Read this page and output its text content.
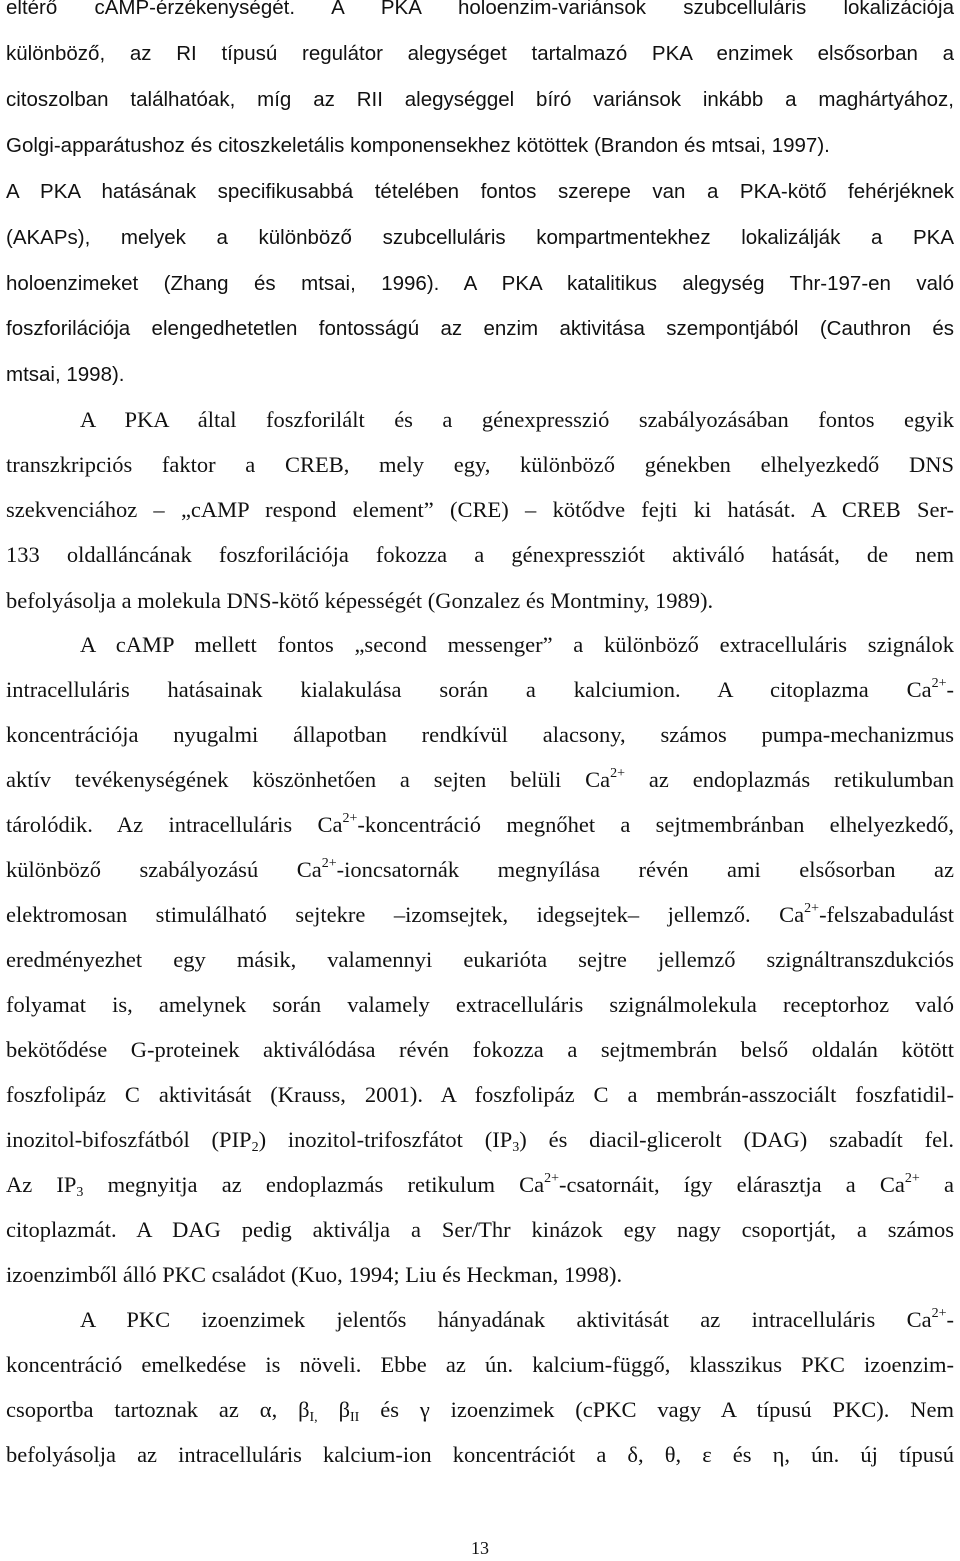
eltérő cAMP-érzékenységét. A PKA holoenzim-variánsok szubcelluláris lokalizációja
különböző, az RI típusú regulátor alegységet tartalmazó PKA enzimek elsősorban a
citoszolban találhatóak, míg az RII alegységgel bíró variánsok inkább a maghártyához,
Golgi-apparátushoz és citoszkeletális komponensekhez kötöttek (Brandon és mtsai, 1997).
A PKA hatásának specifikusabbá tételében fontos szerepe van a PKA-kötő fehérjéknek
(AKAPs), melyek a különböző szubcelluláris kompartmentekhez lokalizálják a PKA
holoenzimeket (Zhang és mtsai, 1996). A PKA katalitikus alegység Thr-197-en való
foszforilációja elengedhetetlen fontosságú az enzim aktivitása szempontjából (Cauthron és
mtsai, 1998).
A PKA által foszforilált és a génexpresszió szabályozásában fontos egyik
transzkripciós faktor a CREB, mely egy, különböző génekben elhelyezkedő DNS
szekvenciához – „cAMP respond element” (CRE) – kötődve fejti ki hatását. A CREB Ser-
133 oldalláncának foszforilációja fokozza a génexpressziót aktiváló hatását, de nem
befolyásolja a molekula DNS-kötő képességét (Gonzalez és Montminy, 1989).
A cAMP mellett fontos „second messenger” a különböző extracelluláris szignálok
intracelluláris hatásainak kialakulása során a kalciumion. A citoplazma $Ca^{2+}-$
koncentrációja nyugalmi állapotban rendkívül alacsony, számos pumpa-mechanizmus
aktív tevékenységének köszönhetően a sejten belüli $Ca^{2+}$ az endoplazmás retikulumban
tárolódik. Az intracelluláris $Ca^{2+}$-koncentráció megnőhet a sejtmembránban elhelyezkedő,
különböző szabályozású $Ca^{2+}$-ioncsatornák megnyílása révén ami elsősorban az
elektromosan stimulálható sejtekre –izomsejtek, idegsejtek– jellemző. $Ca^{2+}$-felszabadulást
eredményezhet egy másik, valamennyi eukarióta sejtre jellemző szignáltranszdukciós
folyamat is, amelynek során valamely extracelluláris szignálmolekula receptorhoz való
bekötődése G-proteinek aktiválódása révén fokozza a sejtmembrán belső oldalán kötött
foszfolipáz C aktivitását (Krauss, 2001). A foszfolipáz C a membrán-asszociált foszfatidil-
inozitol-bifoszfátból $(PIP_2)$ inozitol-trifoszfátot $(IP_3)$ és diacil-glicerolt (DAG) szabadít fel.
Az $IP_3$ megnyitja az endoplazmás retikulum $Ca^{2+}$-csatornáit, így elárasztja a $Ca^{2+}$ a
citoplazmát. A DAG pedig aktiválja a Ser/Thr kinázok egy nagy csoportját, a számos
izoenzimből álló PKC családot (Kuo, 1994; Liu és Heckman, 1998).
A PKC izoenzimek jelentős hányadának aktivitását az intracelluláris $Ca^{2+}-$
koncentráció emelkedése is növeli. Ebbe az ún. kalcium-függő, klasszikus PKC izoenzim-
csoportba tartoznak az α, $\beta_{I,}$ $\beta_{II}$ és γ izoenzimek (cPKC vagy A típusú PKC). Nem
befolyásolja az intracelluláris kalcium-ion koncentrációt a δ, θ, ε és η, ún. új típusú
13
